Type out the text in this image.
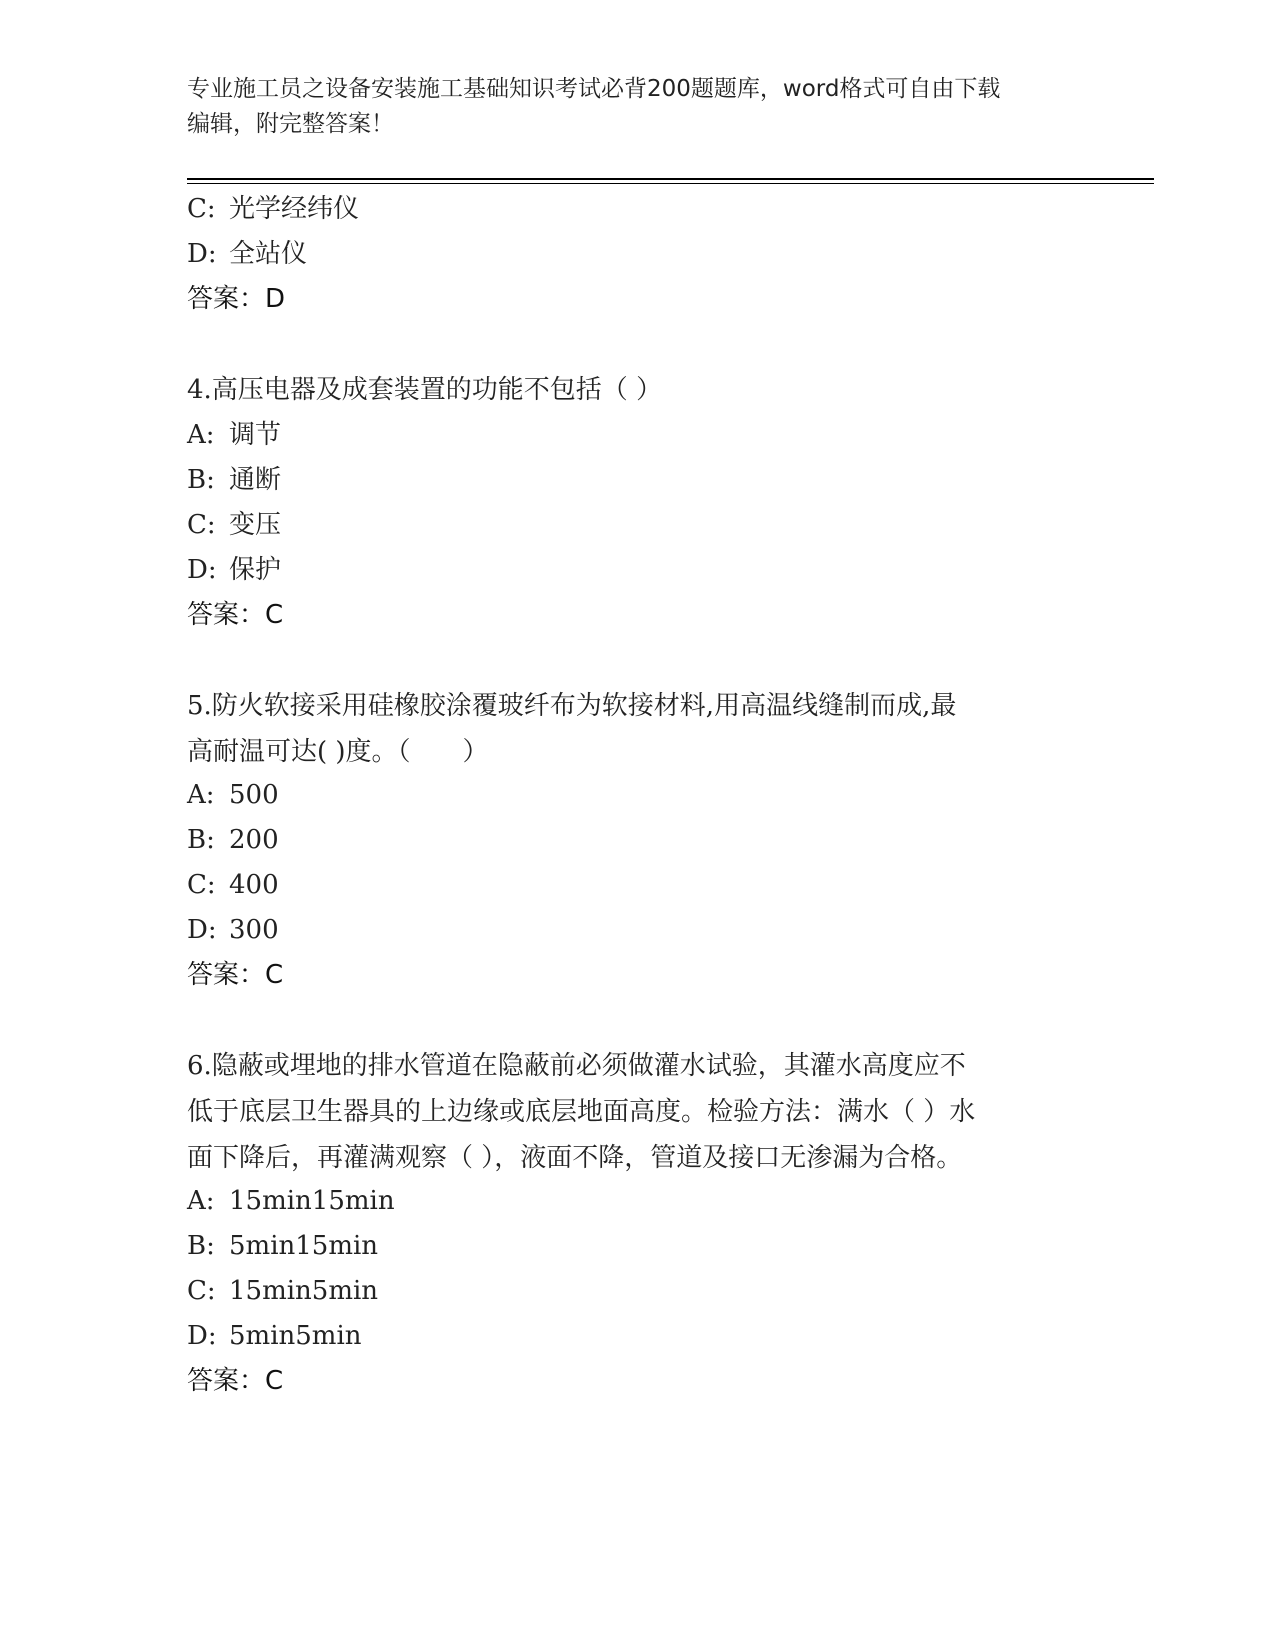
专业施工员之设备安装施工基础知识考试必背200题题库，word格式可自由下载
编辑，附完整答案！
C: 光学经纬仪
D: 全站仪
答案：D
4.高压电器及成套装置的功能不包括（ ）
A: 调节
B: 通断
C: 变压
D: 保护
答案：C
5.防火软接采用硅橡胶涂覆玻纤布为软接材料,用高温线缝制而成,最
高耐温可达( )度。（　　）
A: 500
B: 200
C: 400
D: 300
答案：C
6.隐蔽或埋地的排水管道在隐蔽前必须做灌水试验，其灌水高度应不
低于底层卫生器具的上边缘或底层地面高度。检验方法：满水（ ）水
面下降后，再灌满观察（ ），液面不降，管道及接口无渗漏为合格。
A: 15min15min
B: 5min15min
C: 15min5min
D: 5min5min
答案：C
